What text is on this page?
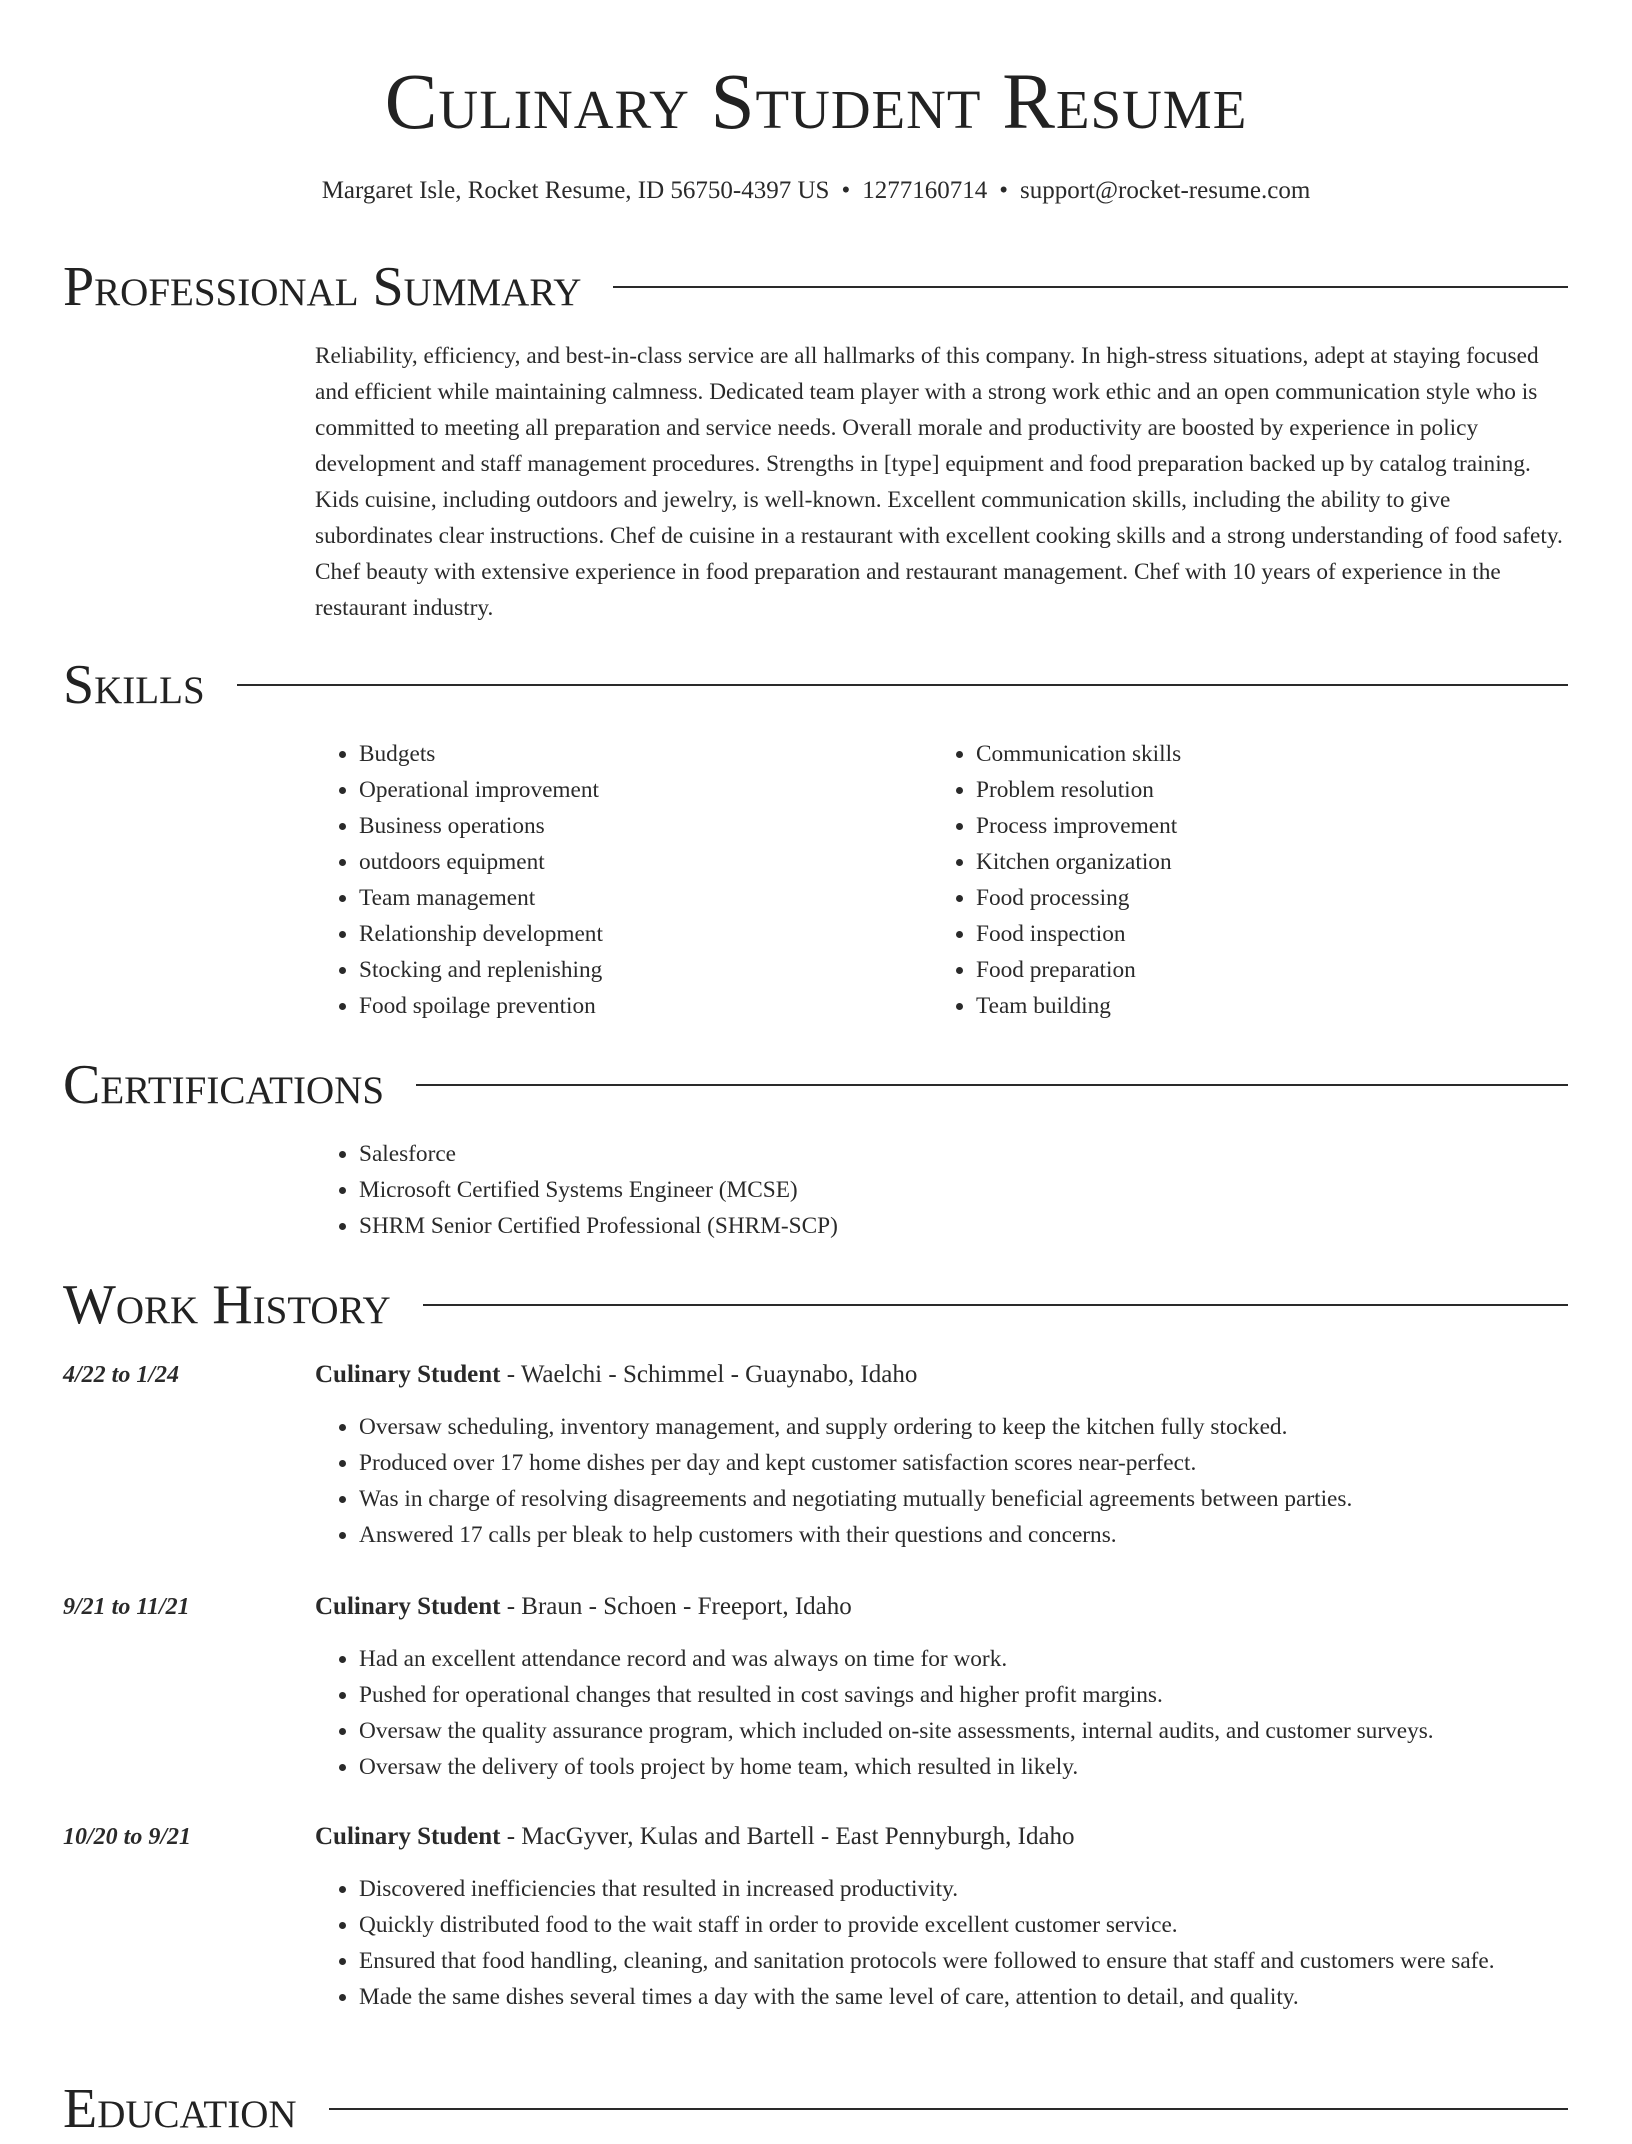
Culinary Student Resume
Margaret Isle, Rocket Resume, ID 56750-4397 US • 1277160714 • support@rocket-resume.com
Professional Summary

Reliability, efficiency, and best-in-class service are all hallmarks of this company. In high-stress situations, adept at staying focused and efficient while maintaining calmness. Dedicated team player with a strong work ethic and an open communication style who is committed to meeting all preparation and service needs. Overall morale and productivity are boosted by experience in policy development and staff management procedures. Strengths in [type] equipment and food preparation backed up by catalog training. Kids cuisine, including outdoors and jewelry, is well-known. Excellent communication skills, including the ability to give subordinates clear instructions. Chef de cuisine in a restaurant with excellent cooking skills and a strong understanding of food safety. Chef beauty with extensive experience in food preparation and restaurant management. Chef with 10 years of experience in the restaurant industry.

Skills
• Budgets
• Operational improvement
• Business operations
• outdoors equipment
• Team management
• Relationship development
• Stocking and replenishing
• Food spoilage prevention
• Communication skills
• Problem resolution
• Process improvement
• Kitchen organization
• Food processing
• Food inspection
• Food preparation
• Team building
Certifications
• Salesforce
• Microsoft Certified Systems Engineer (MCSE)
• SHRM Senior Certified Professional (SHRM-SCP)
Work History
4/22 to 1/24	Culinary Student - Waelchi - Schimmel - Guaynabo, Idaho
• Oversaw scheduling, inventory management, and supply ordering to keep the kitchen fully stocked.
• Produced over 17 home dishes per day and kept customer satisfaction scores near-perfect.
• Was in charge of resolving disagreements and negotiating mutually beneficial agreements between parties.
• Answered 17 calls per bleak to help customers with their questions and concerns.
9/21 to 11/21	Culinary Student - Braun - Schoen - Freeport, Idaho
• Had an excellent attendance record and was always on time for work.
• Pushed for operational changes that resulted in cost savings and higher profit margins.
• Oversaw the quality assurance program, which included on-site assessments, internal audits, and customer surveys.
• Oversaw the delivery of tools project by home team, which resulted in likely.
10/20 to 9/21	Culinary Student - MacGyver, Kulas and Bartell - East Pennyburgh, Idaho
• Discovered inefficiencies that resulted in increased productivity.
• Quickly distributed food to the wait staff in order to provide excellent customer service.
• Ensured that food handling, cleaning, and sanitation protocols were followed to ensure that staff and customers were safe.
• Made the same dishes several times a day with the same level of care, attention to detail, and quality.
Education
